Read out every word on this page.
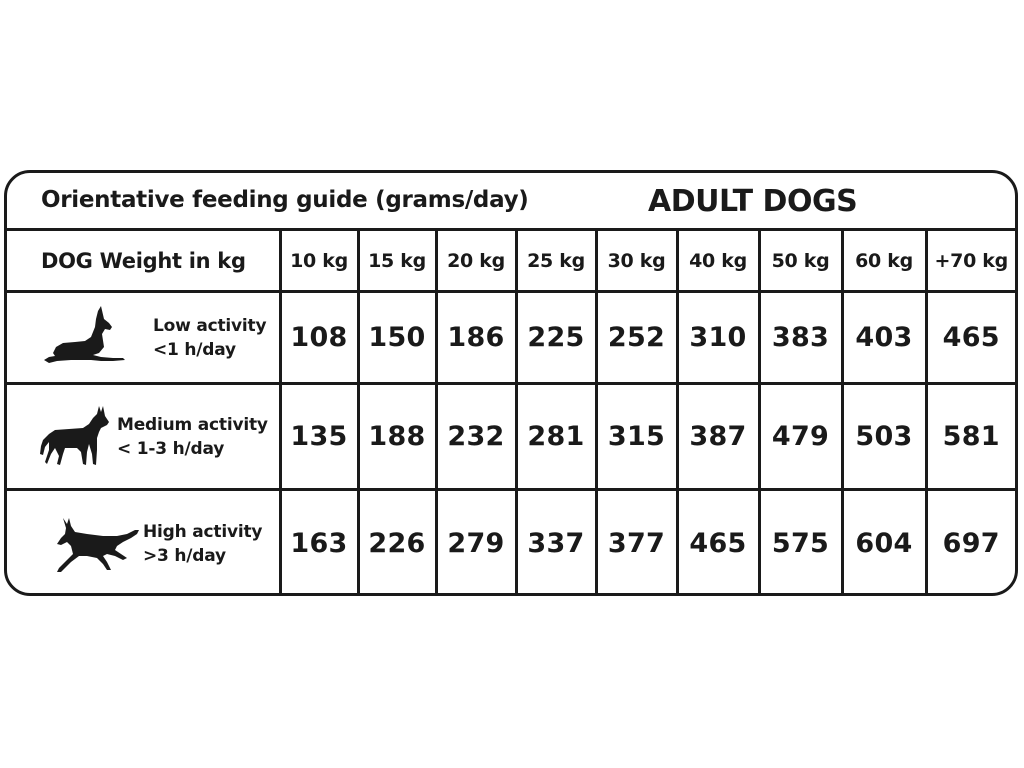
Orientative feeding guide (grams/day)	ADULT DOGS
DOG Weight in kg	10 kg	15 kg	20 kg	25 kg	30 kg	40 kg	50 kg	60 kg	+70 kg

Low activity
<1 h/day	108	150	186	225	252	310	383	403	465

Medium activity
< 1-3 h/day	135	188	232	281	315	387	479	503	581

High activity
>3 h/day	163	226	279	337	377	465	575	604	697
